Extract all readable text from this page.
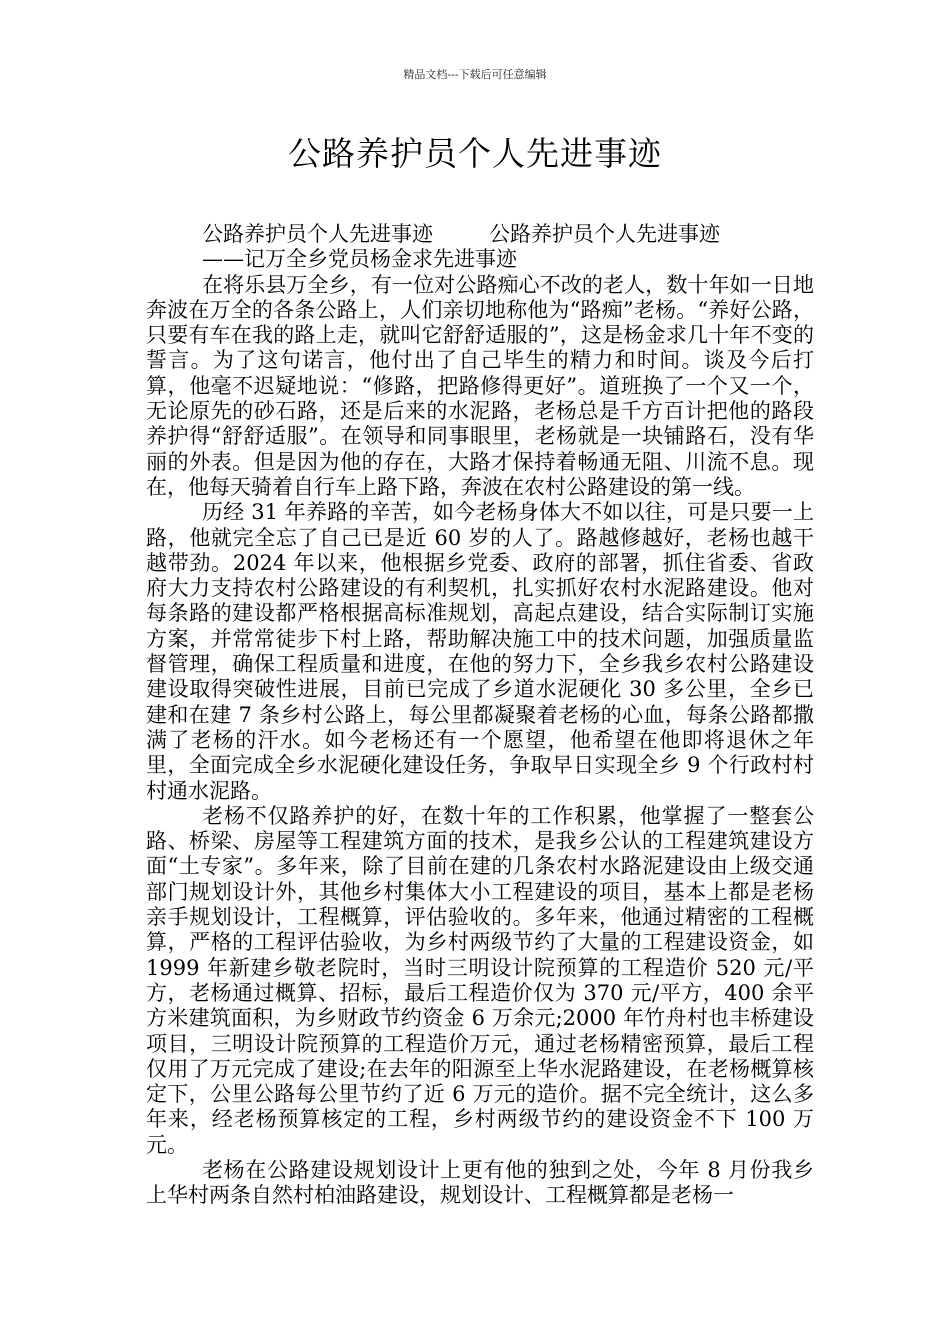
精品文档---下载后可任意编辑
公路养护员个人先进事迹

公路养护员个人先进事迹	公路养护员个人先进事迹

——记万全乡党员杨金求先进事迹

在将乐县万全乡，有一位对公路痴心不改的老人，数十年如一日地奔波在万全的各条公路上，人们亲切地称他为“路痴”老杨。“养好公路，只要有车在我的路上走，就叫它舒舒适服的”，这是杨金求几十年不变的誓言。为了这句诺言，他付出了自己毕生的精力和时间。谈及今后打算，他毫不迟疑地说：“修路，把路修得更好”。道班换了一个又一个，无论原先的砂石路，还是后来的水泥路，老杨总是千方百计把他的路段养护得“舒舒适服”。在领导和同事眼里，老杨就是一块铺路石，没有华丽的外表。但是因为他的存在，大路才保持着畅通无阻、川流不息。现在，他每天骑着自行车上路下路，奔波在农村公路建设的第一线。

历经 31 年养路的辛苦，如今老杨身体大不如以往，可是只要一上路，他就完全忘了自己已是近 60 岁的人了。路越修越好，老杨也越干越带劲。2024 年以来，他根据乡党委、政府的部署，抓住省委、省政府大力支持农村公路建设的有利契机，扎实抓好农村水泥路建设。他对每条路的建设都严格根据高标准规划，高起点建设，结合实际制订实施方案，并常常徒步下村上路，帮助解决施工中的技术问题，加强质量监督管理，确保工程质量和进度，在他的努力下，全乡我乡农村公路建设建设取得突破性进展，目前已完成了乡道水泥硬化 30 多公里，全乡已建和在建 7 条乡村公路上，每公里都凝聚着老杨的心血，每条公路都撒满了老杨的汗水。如今老杨还有一个愿望，他希望在他即将退休之年里，全面完成全乡水泥硬化建设任务，争取早日实现全乡 9 个行政村村村通水泥路。

老杨不仅路养护的好，在数十年的工作积累，他掌握了一整套公路、桥梁、房屋等工程建筑方面的技术，是我乡公认的工程建筑建设方面“土专家”。多年来，除了目前在建的几条农村水路泥建设由上级交通部门规划设计外，其他乡村集体大小工程建设的项目，基本上都是老杨亲手规划设计，工程概算，评估验收的。多年来，他通过精密的工程概算，严格的工程评估验收，为乡村两级节约了大量的工程建设资金，如 1999 年新建乡敬老院时，当时三明设计院预算的工程造价 520 元/平方，老杨通过概算、招标，最后工程造价仅为 370 元/平方，400 余平方米建筑面积，为乡财政节约资金 6 万余元;2000 年竹舟村也丰桥建设项目，三明设计院预算的工程造价万元，通过老杨精密预算，最后工程仅用了万元完成了建设;在去年的阳源至上华水泥路建设，在老杨概算核定下，公里公路每公里节约了近 6 万元的造价。据不完全统计，这么多年来，经老杨预算核定的工程，乡村两级节约的建设资金不下 100 万元。

老杨在公路建设规划设计上更有他的独到之处，今年 8 月份我乡上华村两条自然村柏油路建设，规划设计、工程概算都是老杨一
